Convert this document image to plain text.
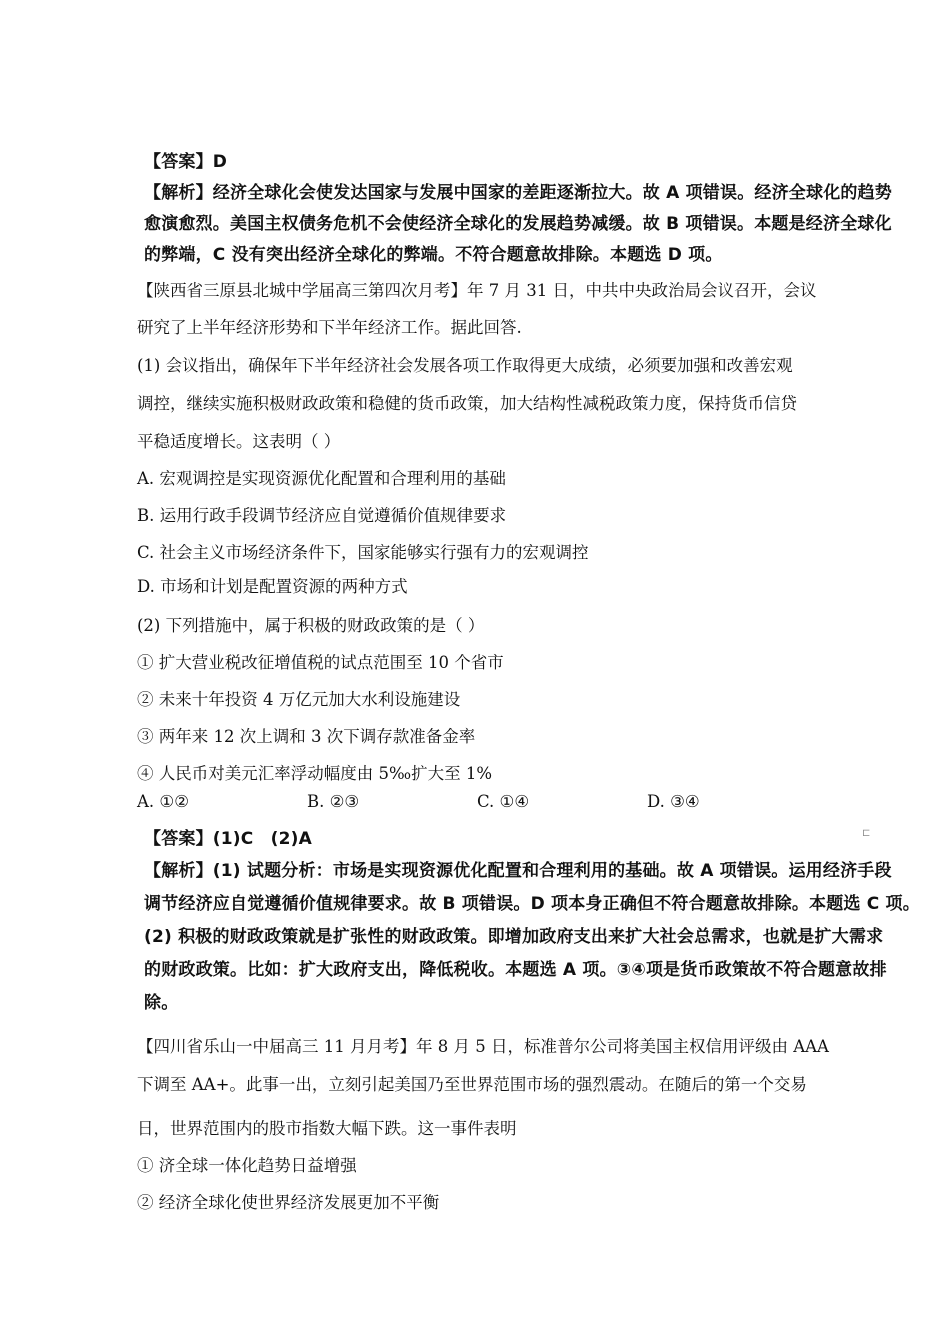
【答案】D
【解析】经济全球化会使发达国家与发展中国家的差距逐渐拉大。故 A 项错误。经济全球化的趋势
愈演愈烈。美国主权债务危机不会使经济全球化的发展趋势减缓。故 B 项错误。本题是经济全球化
的弊端，C 没有突出经济全球化的弊端。不符合题意故排除。本题选 D 项。
【陕西省三原县北城中学届高三第四次月考】年 7 月 31 日，中共中央政治局会议召开，会议
研究了上半年经济形势和下半年经济工作。据此回答.
(1) 会议指出，确保年下半年经济社会发展各项工作取得更大成绩，必须要加强和改善宏观
调控，继续实施积极财政政策和稳健的货币政策，加大结构性减税政策力度，保持货币信贷
平稳适度增长。这表明（ ）
A. 宏观调控是实现资源优化配置和合理利用的基础
B. 运用行政手段调节经济应自觉遵循价值规律要求
C. 社会主义市场经济条件下，国家能够实行强有力的宏观调控
D. 市场和计划是配置资源的两种方式
(2) 下列措施中，属于积极的财政政策的是（ ）
① 扩大营业税改征增值税的试点范围至 10 个省市
② 未来十年投资 4 万亿元加大水利设施建设
③ 两年来 12 次上调和 3 次下调存款准备金率
④ 人民币对美元汇率浮动幅度由 5‰扩大至 1%
A. ①②	B. ②③	C. ①④	D. ③④
【答案】(1)C　(2)A
【解析】(1) 试题分析：市场是实现资源优化配置和合理利用的基础。故 A 项错误。运用经济手段
调节经济应自觉遵循价值规律要求。故 B 项错误。D 项本身正确但不符合题意故排除。本题选 C 项。
(2) 积极的财政政策就是扩张性的财政政策。即增加政府支出来扩大社会总需求，也就是扩大需求
的财政政策。比如：扩大政府支出，降低税收。本题选 A 项。③④项是货币政策故不符合题意故排
除。
⊏
【四川省乐山一中届高三 11 月月考】年 8 月 5 日，标准普尔公司将美国主权信用评级由 AAA
下调至 AA+。此事一出，立刻引起美国乃至世界范围市场的强烈震动。在随后的第一个交易
日，世界范围内的股市指数大幅下跌。这一事件表明
① 济全球一体化趋势日益增强
② 经济全球化使世界经济发展更加不平衡
